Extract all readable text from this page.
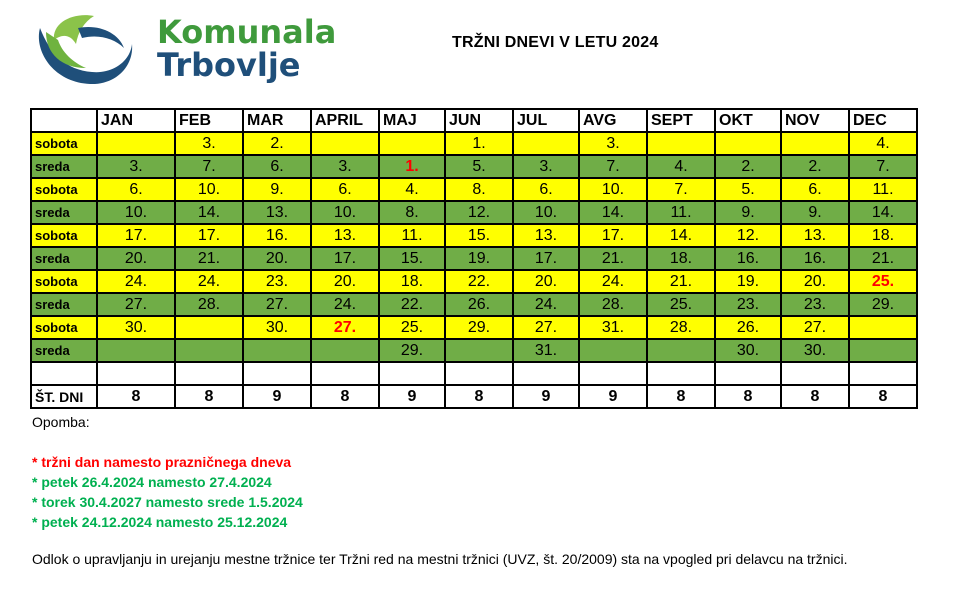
Komunala
Trbovlje
TRŽNI DNEVI V LETU 2024
	JAN	FEB	MAR	APRIL	MAJ	JUN	JUL	AVG	SEPT	OKT	NOV	DEC
sobota		3.	2.			1.		3.				4.
sreda	3.	7.	6.	3.	1.	5.	3.	7.	4.	2.	2.	7.
sobota	6.	10.	9.	6.	4.	8.	6.	10.	7.	5.	6.	11.
sreda	10.	14.	13.	10.	8.	12.	10.	14.	11.	9.	9.	14.
sobota	17.	17.	16.	13.	11.	15.	13.	17.	14.	12.	13.	18.
sreda	20.	21.	20.	17.	15.	19.	17.	21.	18.	16.	16.	21.
sobota	24.	24.	23.	20.	18.	22.	20.	24.	21.	19.	20.	25.
sreda	27.	28.	27.	24.	22.	26.	24.	28.	25.	23.	23.	29.
sobota	30.		30.	27.	25.	29.	27.	31.	28.	26.	27.	
sreda					29.		31.			30.	30.	

ŠT. DNI	8	8	9	8	9	8	9	9	8	8	8	8
Opomba:
* tržni dan namesto prazničnega dneva
* petek 26.4.2024 namesto 27.4.2024
* torek 30.4.2027 namesto srede 1.5.2024
* petek 24.12.2024 namesto 25.12.2024
Odlok o upravljanju in urejanju mestne tržnice ter Tržni red na mestni tržnici (UVZ, št. 20/2009) sta na vpogled pri delavcu na tržnici.
